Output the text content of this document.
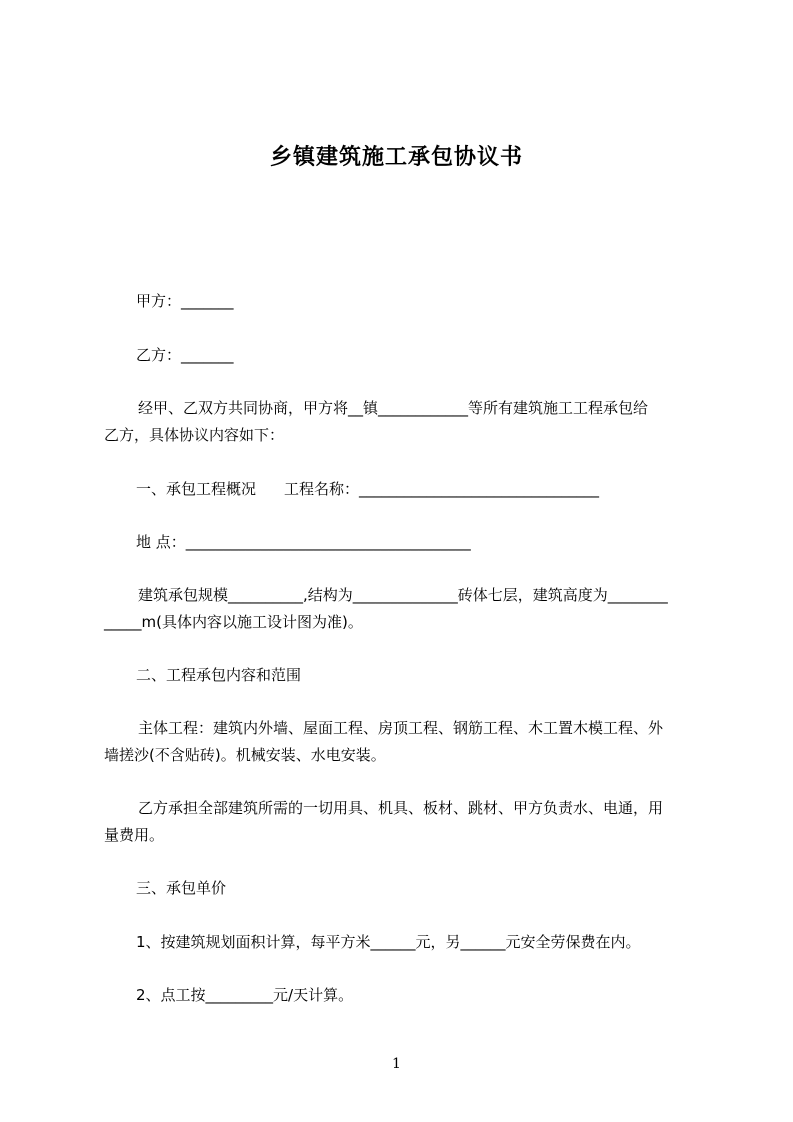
乡镇建筑施工承包协议书
甲方：_______
乙方：_______
经甲、乙双方共同协商，甲方将__镇____________等所有建筑施工工程承包给
乙方，具体协议内容如下：
一、承包工程概况 工程名称：________________________________
地 点：______________________________________
建筑承包规模__________,结构为______________砖体七层，建筑高度为________
_____m(具体内容以施工设计图为准)。
二、工程承包内容和范围
主体工程：建筑内外墙、屋面工程、房顶工程、钢筋工程、木工置木模工程、外
墙搓沙(不含贴砖)。机械安装、水电安装。
乙方承担全部建筑所需的一切用具、机具、板材、跳材、甲方负责水、电通，用
量费用。
三、承包单价
1、按建筑规划面积计算，每平方米______元，另______元安全劳保费在内。
2、点工按_________元/天计算。
1
